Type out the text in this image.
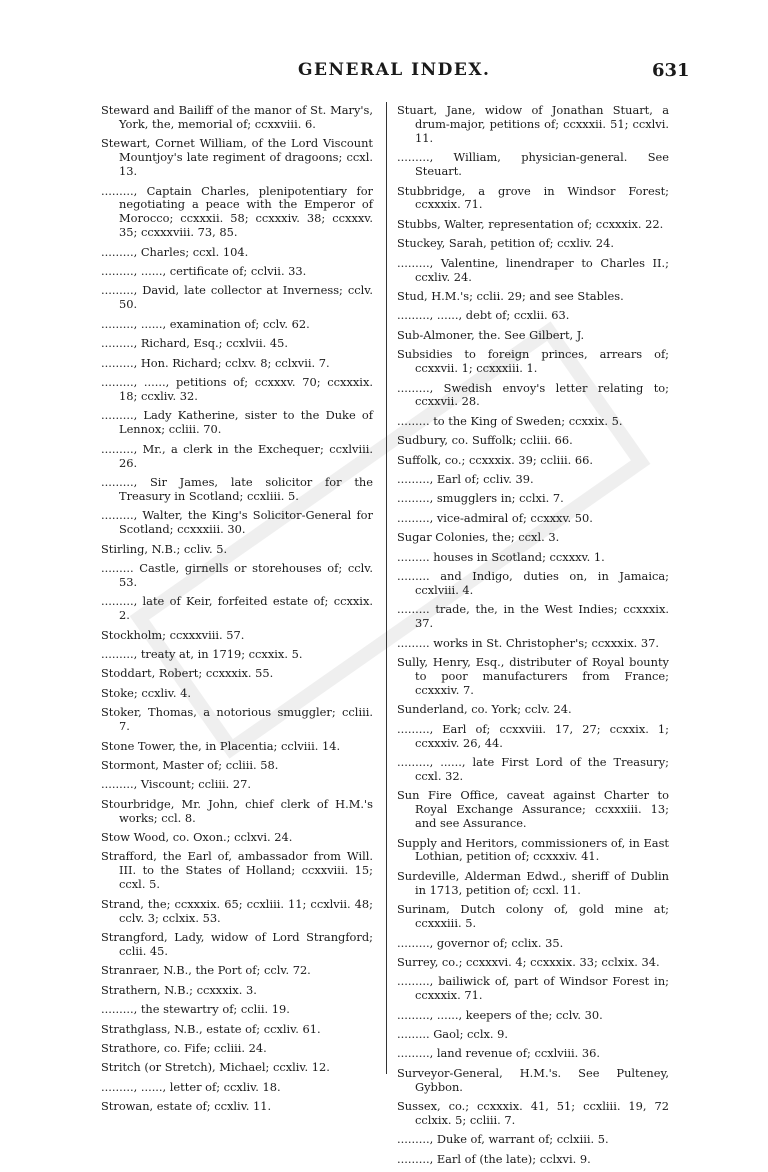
GENERAL INDEX.	631

Steward and Bailiff of the manor of St. Mary's, York, the, memorial of; ccxxviii. 6.

Stewart, Cornet William, of the Lord Viscount Mountjoy's late regiment of dragoons; ccxl. 13.

........., Captain Charles, plenipotentiary for negotiating a peace with the Emperor of Morocco; ccxxxii. 58; ccxxxiv. 38; ccxxxv. 35; ccxxxviii. 73, 85.

........., Charles; ccxl. 104.

........., ......, certificate of; cclvii. 33.

........., David, late collector at Inverness; cclv. 50.

........., ......, examination of; cclv. 62.

........., Richard, Esq.; ccxlvii. 45.

........., Hon. Richard; cclxv. 8; cclxvii. 7.

........., ......, petitions of; ccxxxv. 70; ccxxxix. 18; ccxliv. 32.

........., Lady Katherine, sister to the Duke of Lennox; ccliii. 70.

........., Mr., a clerk in the Exchequer; ccxlviii. 26.

........., Sir James, late solicitor for the Treasury in Scotland; ccxliii. 5.

........., Walter, the King's Solicitor-General for Scotland; ccxxxiii. 30.

Stirling, N.B.; ccliv. 5.

......... Castle, girnells or storehouses of; cclv. 53.

........., late of Keir, forfeited estate of; ccxxix. 2.

Stockholm; ccxxxviii. 57.

........., treaty at, in 1719; ccxxix. 5.

Stoddart, Robert; ccxxxix. 55.

Stoke; ccxliv. 4.

Stoker, Thomas, a notorious smuggler; ccliii. 7.

Stone Tower, the, in Placentia; cclviii. 14.

Stormont, Master of; ccliii. 58.

........., Viscount; ccliii. 27.

Stourbridge, Mr. John, chief clerk of H.M.'s works; ccl. 8.

Stow Wood, co. Oxon.; cclxvi. 24.

Strafford, the Earl of, ambassador from Will. III. to the States of Holland; ccxxviii. 15; ccxl. 5.

Strand, the; ccxxxix. 65; ccxliii. 11; ccxlvii. 48; cclv. 3; cclxix. 53.

Strangford, Lady, widow of Lord Strangford; cclii. 45.

Stranraer, N.B., the Port of; cclv. 72.

Strathern, N.B.; ccxxxix. 3.

........., the stewartry of; cclii. 19.

Strathglass, N.B., estate of; ccxliv. 61.

Strathore, co. Fife; ccliii. 24.

Stritch (or Stretch), Michael; ccxliv. 12.

........., ......, letter of; ccxliv. 18.

Strowan, estate of; ccxliv. 11.

Stuart, Jane, widow of Jonathan Stuart, a drum-major, petitions of; ccxxxii. 51; ccxlvi. 11.

........., William, physician-general. See Steuart.

Stubbridge, a grove in Windsor Forest; ccxxxix. 71.

Stubbs, Walter, representation of; ccxxxix. 22.

Stuckey, Sarah, petition of; ccxliv. 24.

........., Valentine, linendraper to Charles II.; ccxliv. 24.

Stud, H.M.'s; cclii. 29; and see Stables.

........., ......, debt of; ccxlii. 63.

Sub-Almoner, the. See Gilbert, J.

Subsidies to foreign princes, arrears of; ccxxvii. 1; ccxxxiii. 1.

........., Swedish envoy's letter relating to; ccxxvii. 28.

......... to the King of Sweden; ccxxix. 5.

Sudbury, co. Suffolk; ccliii. 66.

Suffolk, co.; ccxxxix. 39; ccliii. 66.

........., Earl of; ccliv. 39.

........., smugglers in; cclxi. 7.

........., vice-admiral of; ccxxxv. 50.

Sugar Colonies, the; ccxl. 3.

......... houses in Scotland; ccxxxv. 1.

......... and Indigo, duties on, in Jamaica; ccxlviii. 4.

......... trade, the, in the West Indies; ccxxxix. 37.

......... works in St. Christopher's; ccxxxix. 37.

Sully, Henry, Esq., distributer of Royal bounty to poor manufacturers from France; ccxxxiv. 7.

Sunderland, co. York; cclv. 24.

........., Earl of; ccxxviii. 17, 27; ccxxix. 1; ccxxxiv. 26, 44.

........., ......, late First Lord of the Treasury; ccxl. 32.

Sun Fire Office, caveat against Charter to Royal Exchange Assurance; ccxxxiii. 13; and see Assurance.

Supply and Heritors, commissioners of, in East Lothian, petition of; ccxxxiv. 41.

Surdeville, Alderman Edwd., sheriff of Dublin in 1713, petition of; ccxl. 11.

Surinam, Dutch colony of, gold mine at; ccxxxiii. 5.

........., governor of; cclix. 35.

Surrey, co.; ccxxxvi. 4; ccxxxix. 33; cclxix. 34.

........., bailiwick of, part of Windsor Forest in; ccxxxix. 71.

........., ......, keepers of the; cclv. 30.

......... Gaol; cclx. 9.

........., land revenue of; ccxlviii. 36.

Surveyor-General, H.M.'s. See Pulteney, Gybbon.

Sussex, co.; ccxxxix. 41, 51; ccxliii. 19, 72 cclxix. 5; ccliii. 7.

........., Duke of, warrant of; cclxiii. 5.

........., Earl of (the late); cclxvi. 9.
